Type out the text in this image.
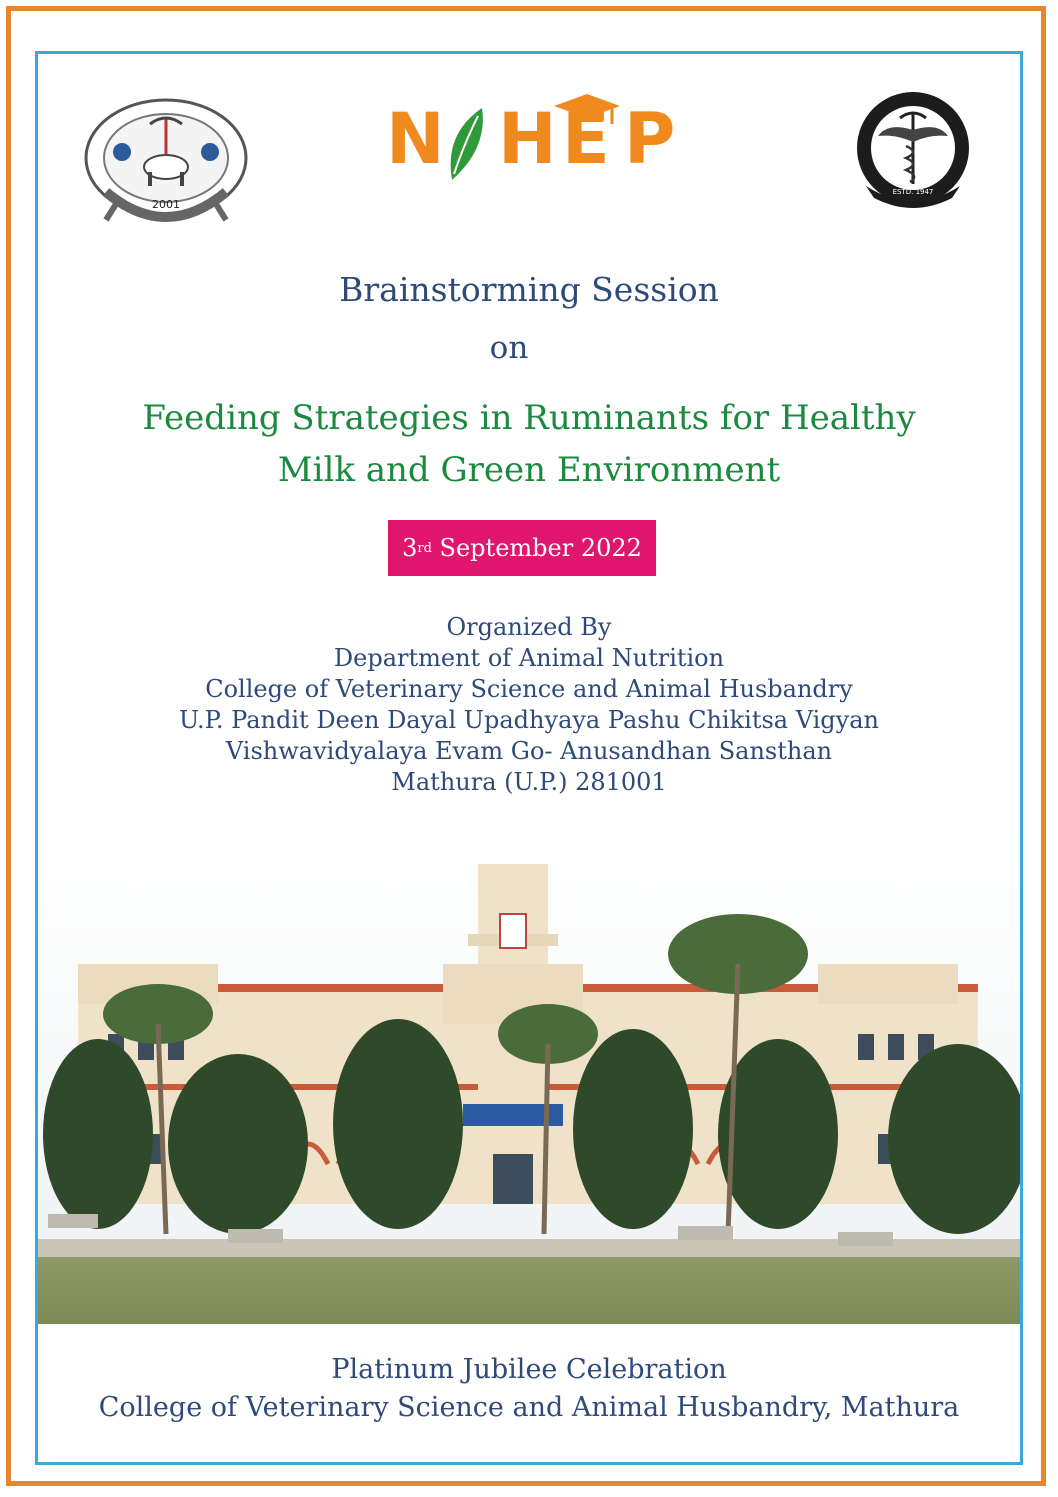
2001
N H E P
ESTD. 1947
Brainstorming Session
on
Feeding Strategies in Ruminants for Healthy
Milk and Green Environment
3 rd September 2022
Organized By
Department of Animal Nutrition
College of Veterinary Science and Animal Husbandry
U.P. Pandit Deen Dayal Upadhyaya Pashu Chikitsa Vigyan
Vishwavidyalaya Evam Go- Anusandhan Sansthan
Mathura (U.P.) 281001
Platinum Jubilee Celebration
College of Veterinary Science and Animal Husbandry, Mathura
